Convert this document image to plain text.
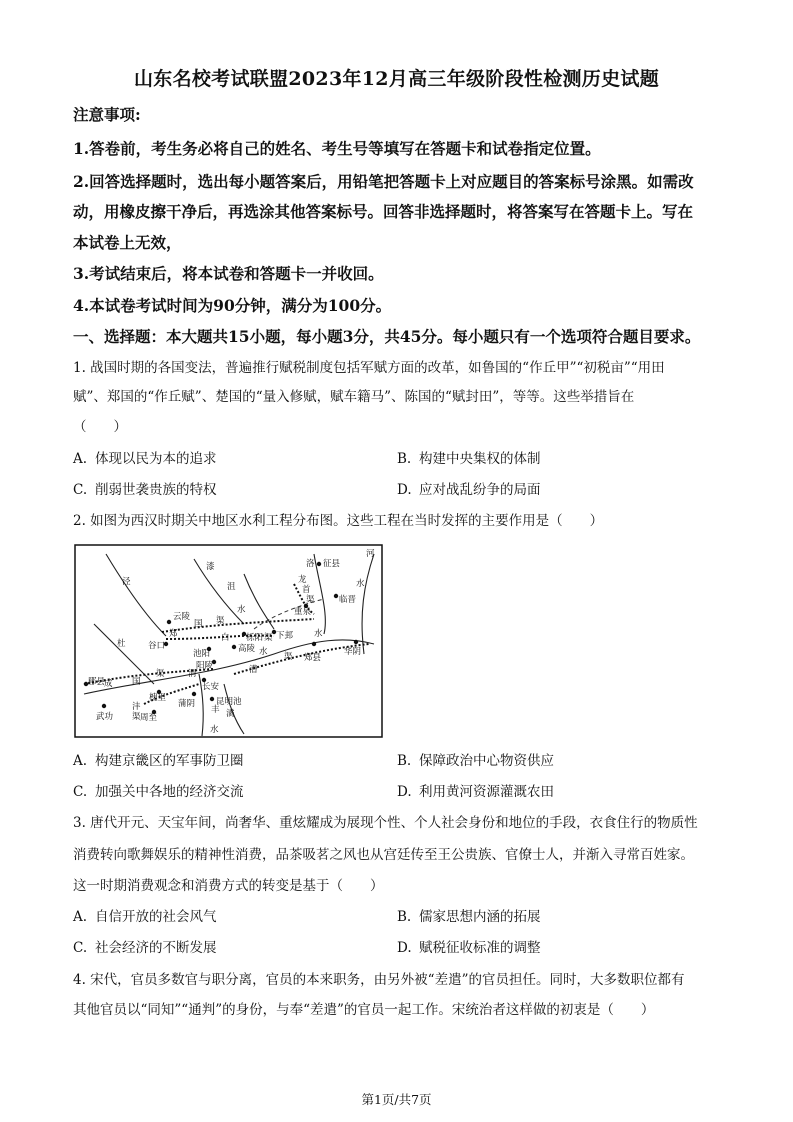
山东名校考试联盟2023年12月高三年级阶段性检测历史试题
注意事项:
1.答卷前，考生务必将自己的姓名、考生号等填写在答题卡和试卷指定位置。
2.回答选择题时，选出每小题答案后，用铅笔把答题卡上对应题目的答案标号涂黑。如需改
动，用橡皮擦干净后，再选涂其他答案标号。回答非选择题时，将答案写在答题卡上。写在
本试卷上无效，
3.考试结束后，将本试卷和答题卡一并收回。
4.本试卷考试时间为90分钟，满分为100分。
一、选择题：本大题共15小题，每小题3分，共45分。每小题只有一个选项符合题目要求。
1. 战国时期的各国变法，普遍推行赋税制度包括军赋方面的改革，如鲁国的“作丘甲”“初税亩”“用田
赋”、郑国的“作丘赋”、楚国的“量入修赋，赋车籍马”、陈国的“赋封田”，等等。这些举措旨在
（　　）
A. 体现以民为本的追求	B. 构建中央集权的体制
C. 削弱世袭贵族的特权	D. 应对战乱纷争的局面
2. 如图为西汉时期关中地区水利工程分布图。这些工程在当时发挥的主要作用是（　　）
泾
漆
沮
水
洛
河
水
杜
水
渭
水
潏
丰
水
郑
国 渠
白	渠
龙
首
渠
成 国
渠	漕
渠
沣
渠
云陵
谷口
池阳
栎阳
高陵
下邽
重泉
征县
临晋
郑县
华阴
阳陵
长安
昆明池
槐里
郿县
武功	周至
蒲阴
A. 构建京畿区的军事防卫圈	B. 保障政治中心物资供应
C. 加强关中各地的经济交流	D. 利用黄河资源灌溉农田
3. 唐代开元、天宝年间，尚奢华、重炫耀成为展现个性、个人社会身份和地位的手段，衣食住行的物质性
消费转向歌舞娱乐的精神性消费，品茶吸茗之风也从宫廷传至王公贵族、官僚士人，并渐入寻常百姓家。
这一时期消费观念和消费方式的转变是基于（　　）
A. 自信开放的社会风气	B. 儒家思想内涵的拓展
C. 社会经济的不断发展	D. 赋税征收标准的调整
4. 宋代，官员多数官与职分离，官员的本来职务，由另外被“差遣”的官员担任。同时，大多数职位都有
其他官员以“同知”“通判”的身份，与奉“差遣”的官员一起工作。宋统治者这样做的初衷是（　　）
第1页/共7页
